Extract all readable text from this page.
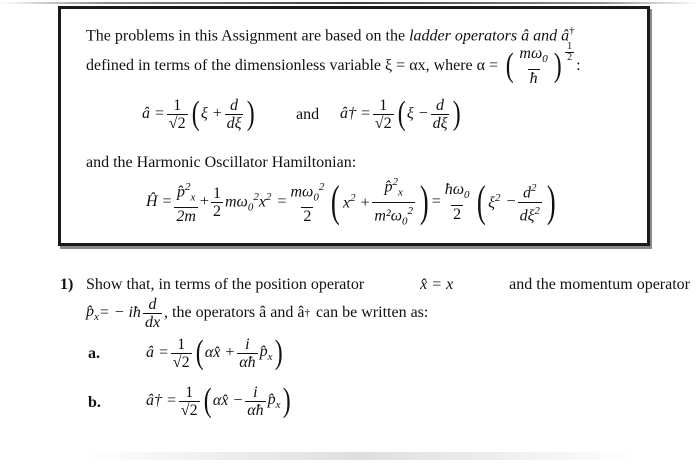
The problems in this Assignment are based on the ladder operators â and â†
defined in terms of the dimensionless variable ξ = αx, where α = ( $\frac{m\omega_0}{ħ}$ ) $\frac{1}{2}$
:
â = $\frac{1}{√2}$ ( $\xi + \frac{d}{d\xi}$ )	and â† = $\frac{1}{√2}$ ( $\xi - \frac{d}{d\xi}$ )
and the Harmonic Oscillator Hamiltonian:
Ĥ = $\frac{p̂^2_x}{2m} + \frac{1}{2} m\omega_0^2x^2 = \frac{m\omega_0^2}{2}$ ( $x^2 + \frac{p̂^2_x}{m^2\omega_0^2}$ ) = $\frac{ħ\omega_0}{2}$ ( $\xi^2 - \frac{d^2}{d\xi^2}$ )
1) Show that, in terms of the position operator	x̂ = x	and the momentum operator
$p̂_x$ = − iħ $\frac{d}{dx}$ , the operators â and â † can be written as:
a.	â = $\frac{1}{√2}$ ( αx̂ + $\frac{i}{\alpha ħ}$ $p̂_x$ )
b.	â† = $\frac{1}{√2}$ ( αx̂ − $\frac{i}{\alpha ħ}$ $p̂_x$ )
